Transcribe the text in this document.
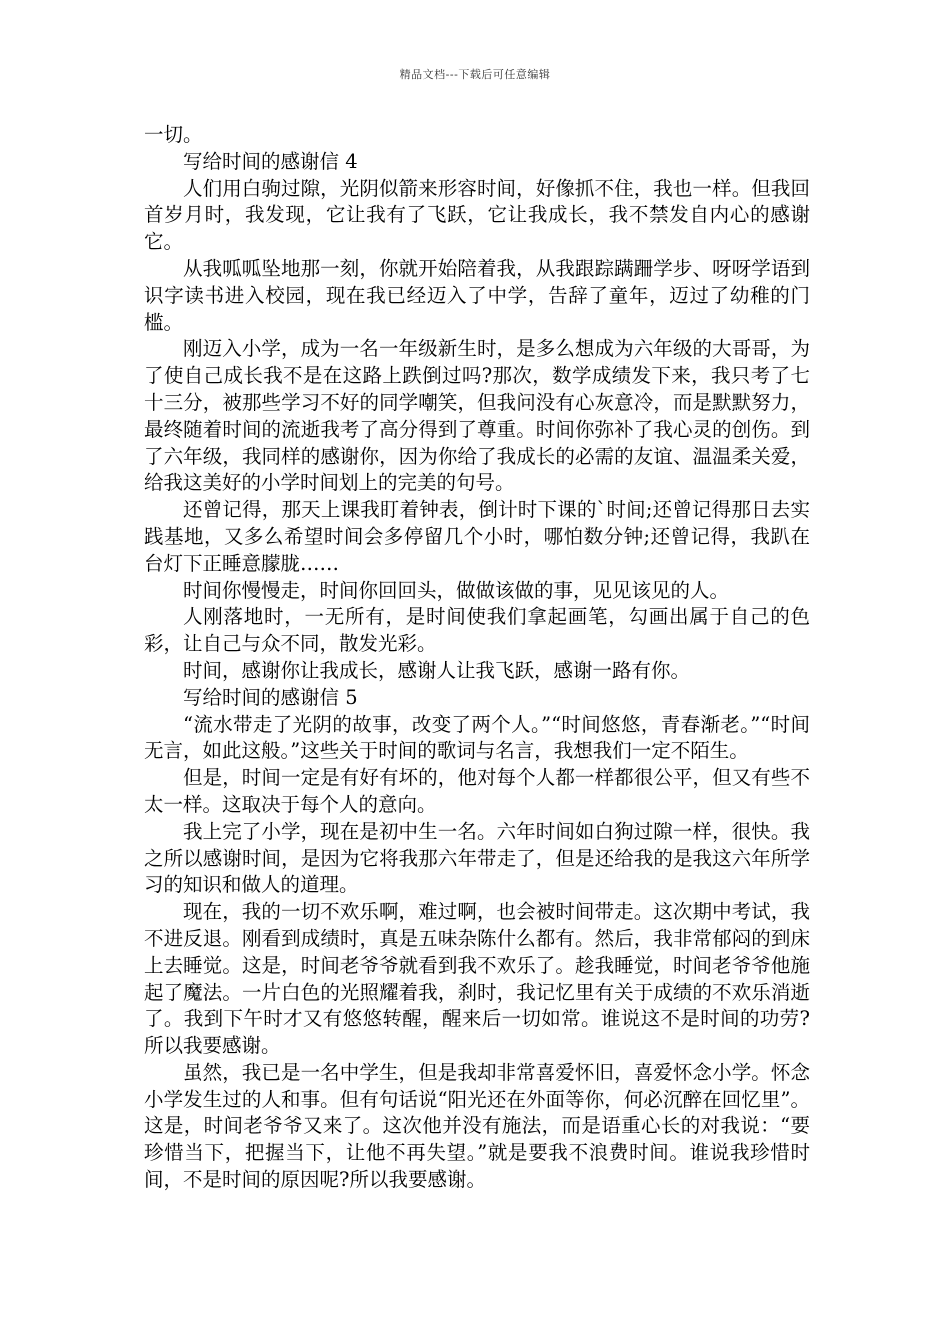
精品文档---下载后可任意编辑

一切。

写给时间的感谢信 4

人们用白驹过隙，光阴似箭来形容时间，好像抓不住，我也一样。但我回首岁月时，我发现，它让我有了飞跃，它让我成长，我不禁发自内心的感谢它。

从我呱呱坠地那一刻，你就开始陪着我，从我跟踪蹒跚学步、呀呀学语到识字读书进入校园，现在我已经迈入了中学，告辞了童年，迈过了幼稚的门槛。

刚迈入小学，成为一名一年级新生时，是多么想成为六年级的大哥哥，为了使自己成长我不是在这路上跌倒过吗?那次，数学成绩发下来，我只考了七十三分，被那些学习不好的同学嘲笑，但我问没有心灰意冷，而是默默努力，最终随着时间的流逝我考了高分得到了尊重。时间你弥补了我心灵的创伤。到了六年级，我同样的感谢你，因为你给了我成长的必需的友谊、温温柔关爱，给我这美好的小学时间划上的完美的句号。

还曾记得，那天上课我盯着钟表，倒计时下课的`时间;还曾记得那日去实践基地，又多么希望时间会多停留几个小时，哪怕数分钟;还曾记得，我趴在台灯下正睡意朦胧……

时间你慢慢走，时间你回回头，做做该做的事，见见该见的人。

人刚落地时，一无所有，是时间使我们拿起画笔，勾画出属于自己的色彩，让自己与众不同，散发光彩。

时间，感谢你让我成长，感谢人让我飞跃，感谢一路有你。

写给时间的感谢信 5

“流水带走了光阴的故事，改变了两个人。”“时间悠悠，青春渐老。”“时间无言，如此这般。”这些关于时间的歌词与名言，我想我们一定不陌生。

但是，时间一定是有好有坏的，他对每个人都一样都很公平，但又有些不太一样。这取决于每个人的意向。

我上完了小学，现在是初中生一名。六年时间如白狗过隙一样，很快。我之所以感谢时间，是因为它将我那六年带走了，但是还给我的是我这六年所学习的知识和做人的道理。

现在，我的一切不欢乐啊，难过啊，也会被时间带走。这次期中考试，我不进反退。刚看到成绩时，真是五味杂陈什么都有。然后，我非常郁闷的到床上去睡觉。这是，时间老爷爷就看到我不欢乐了。趁我睡觉，时间老爷爷他施起了魔法。一片白色的光照耀着我，刹时，我记忆里有关于成绩的不欢乐消逝了。我到下午时才又有悠悠转醒，醒来后一切如常。谁说这不是时间的功劳?所以我要感谢。

虽然，我已是一名中学生，但是我却非常喜爱怀旧，喜爱怀念小学。怀念小学发生过的人和事。但有句话说“阳光还在外面等你，何必沉醉在回忆里”。这是，时间老爷爷又来了。这次他并没有施法，而是语重心长的对我说：“要珍惜当下，把握当下，让他不再失望。”就是要我不浪费时间。谁说我珍惜时间，不是时间的原因呢?所以我要感谢。
